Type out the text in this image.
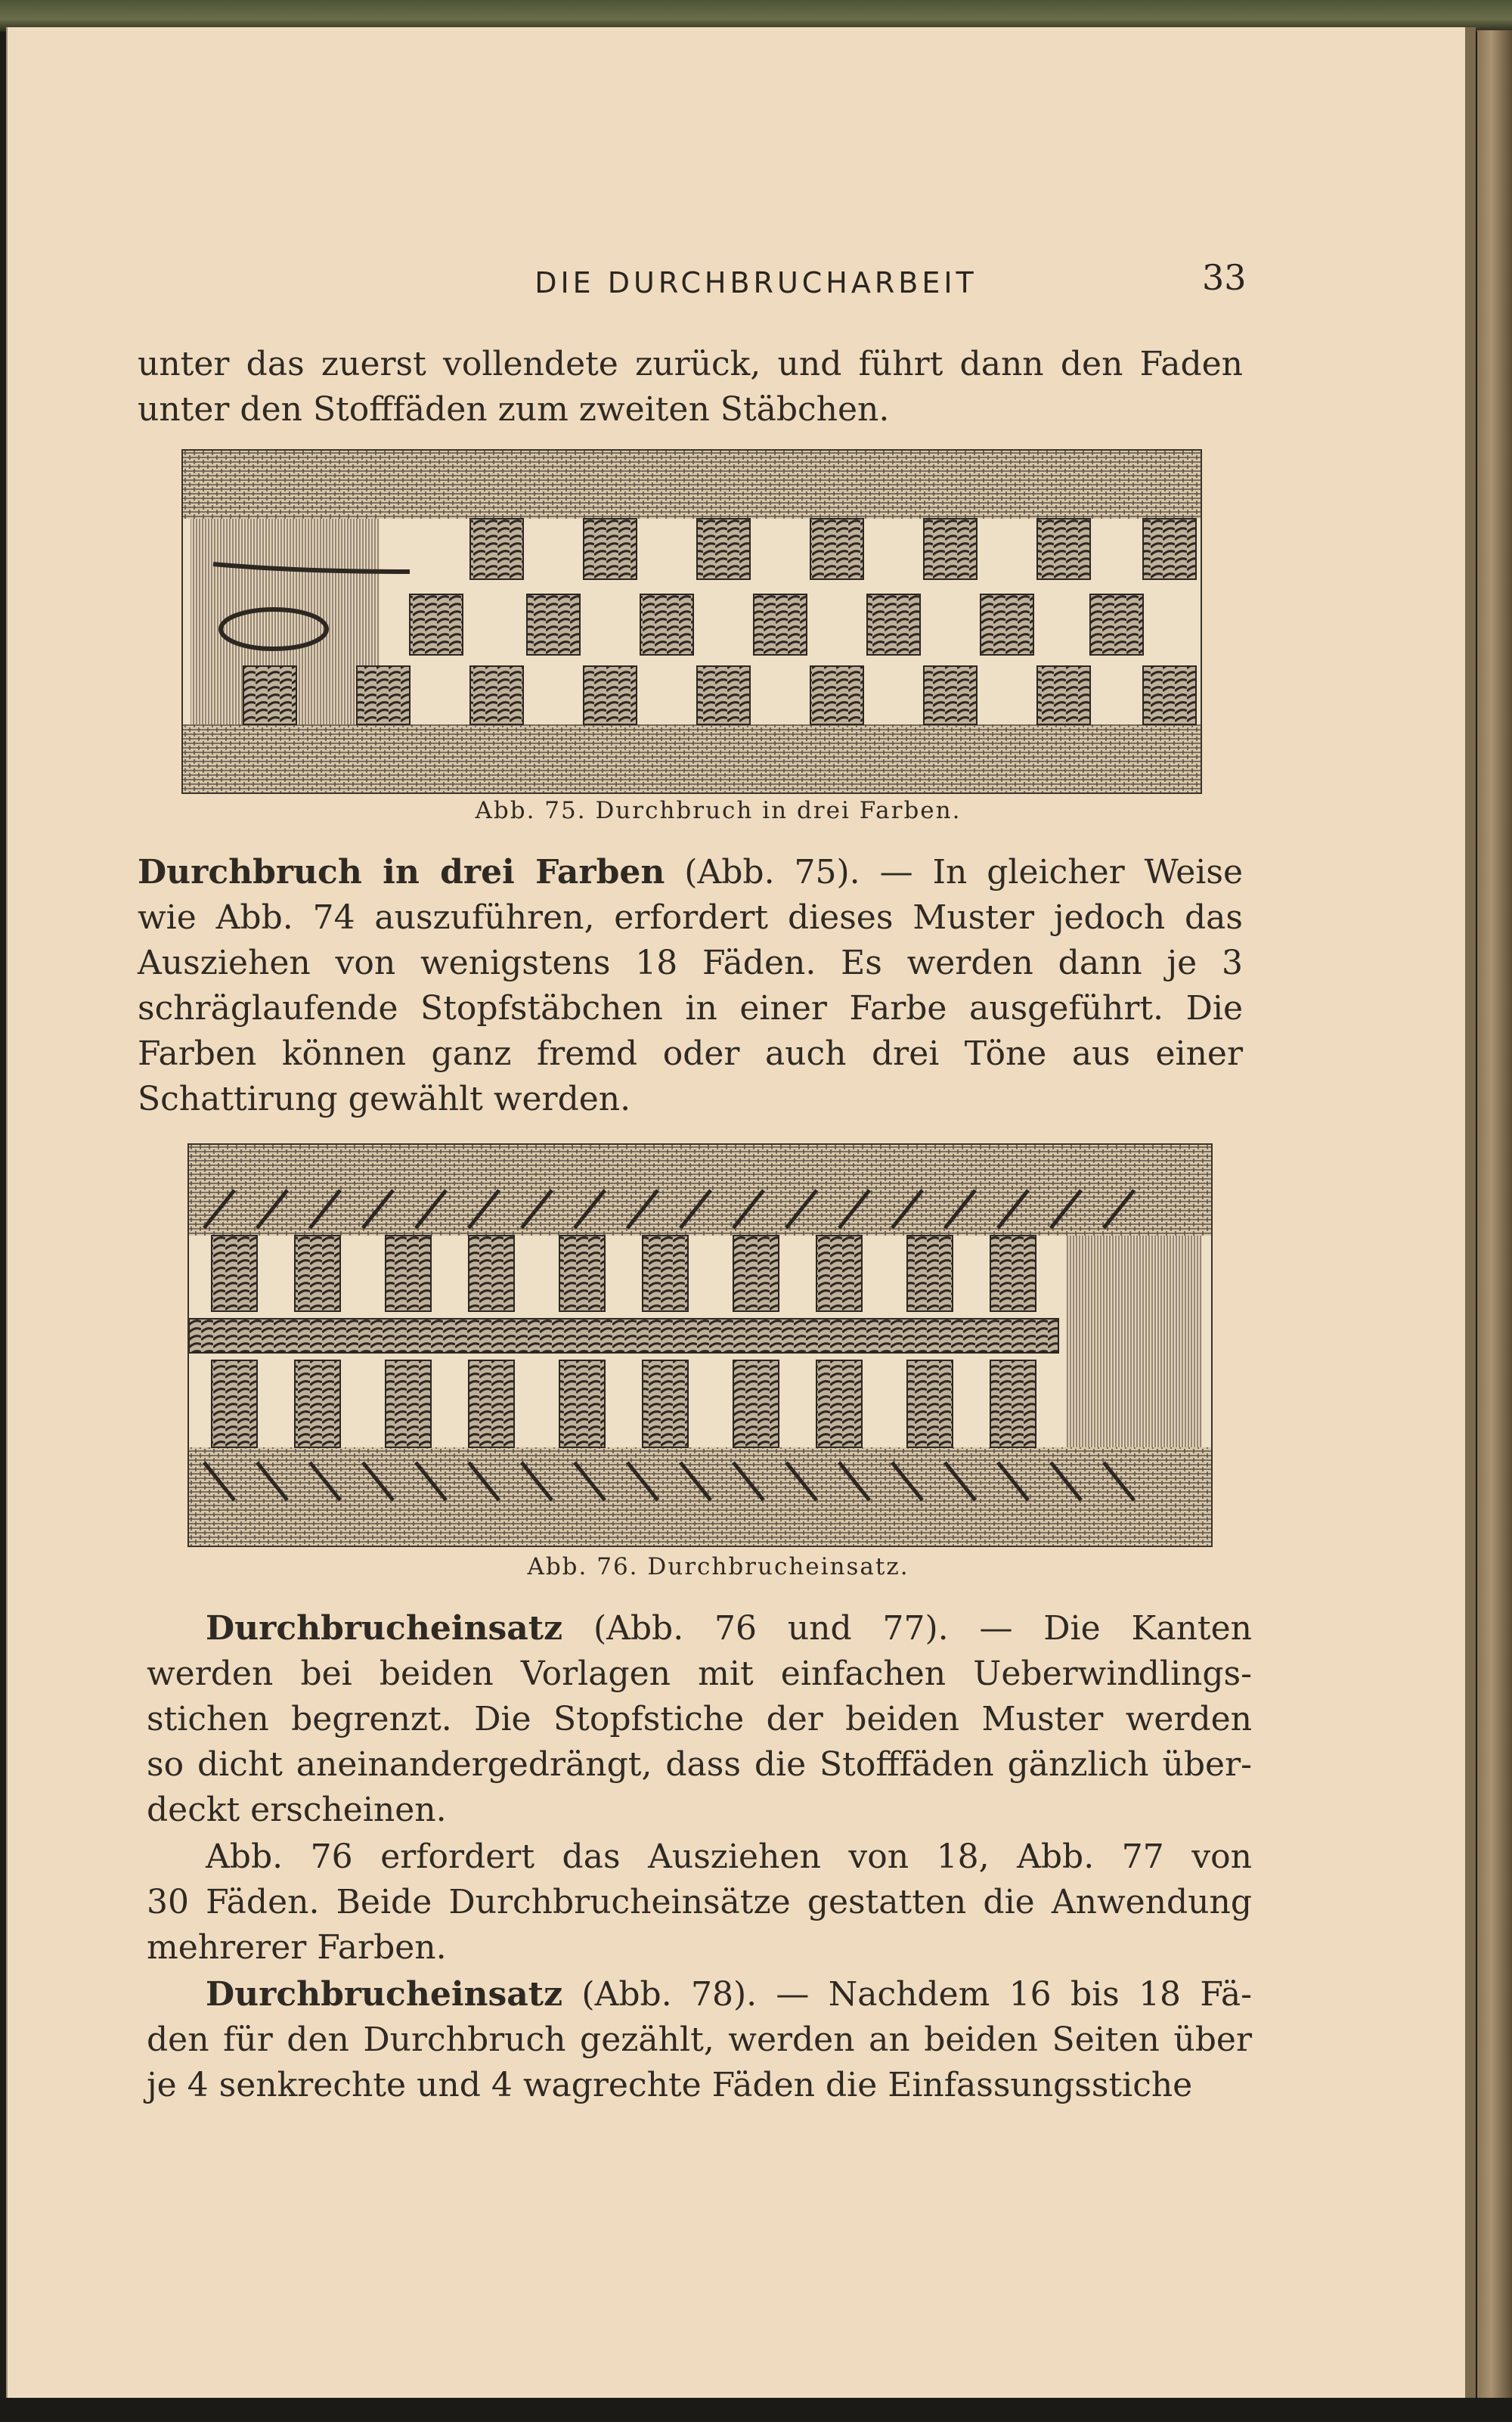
DIE DURCHBRUCHARBEIT	33
unter das zuerst vollendete zurück, und führt dann den Faden
unter den Stofffäden zum zweiten Stäbchen.
Abb. 75. Durchbruch in drei Farben.
Durchbruch in drei Farben (Abb. 75). — In gleicher Weise
wie Abb. 74 auszuführen, erfordert dieses Muster jedoch das
Ausziehen von wenigstens 18 Fäden. Es werden dann je 3
schräglaufende Stopfstäbchen in einer Farbe ausgeführt. Die
Farben können ganz fremd oder auch drei Töne aus einer
Schattirung gewählt werden.
Abb. 76. Durchbrucheinsatz.
Durchbrucheinsatz (Abb. 76 und 77). — Die Kanten
werden bei beiden Vorlagen mit einfachen Ueberwindlings-
stichen begrenzt. Die Stopfstiche der beiden Muster werden
so dicht aneinandergedrängt, dass die Stofffäden gänzlich über-
deckt erscheinen.
Abb. 76 erfordert das Ausziehen von 18, Abb. 77 von
30 Fäden. Beide Durchbrucheinsätze gestatten die Anwendung
mehrerer Farben.
Durchbrucheinsatz (Abb. 78). — Nachdem 16 bis 18 Fä-
den für den Durchbruch gezählt, werden an beiden Seiten über
je 4 senkrechte und 4 wagrechte Fäden die Einfassungsstiche
